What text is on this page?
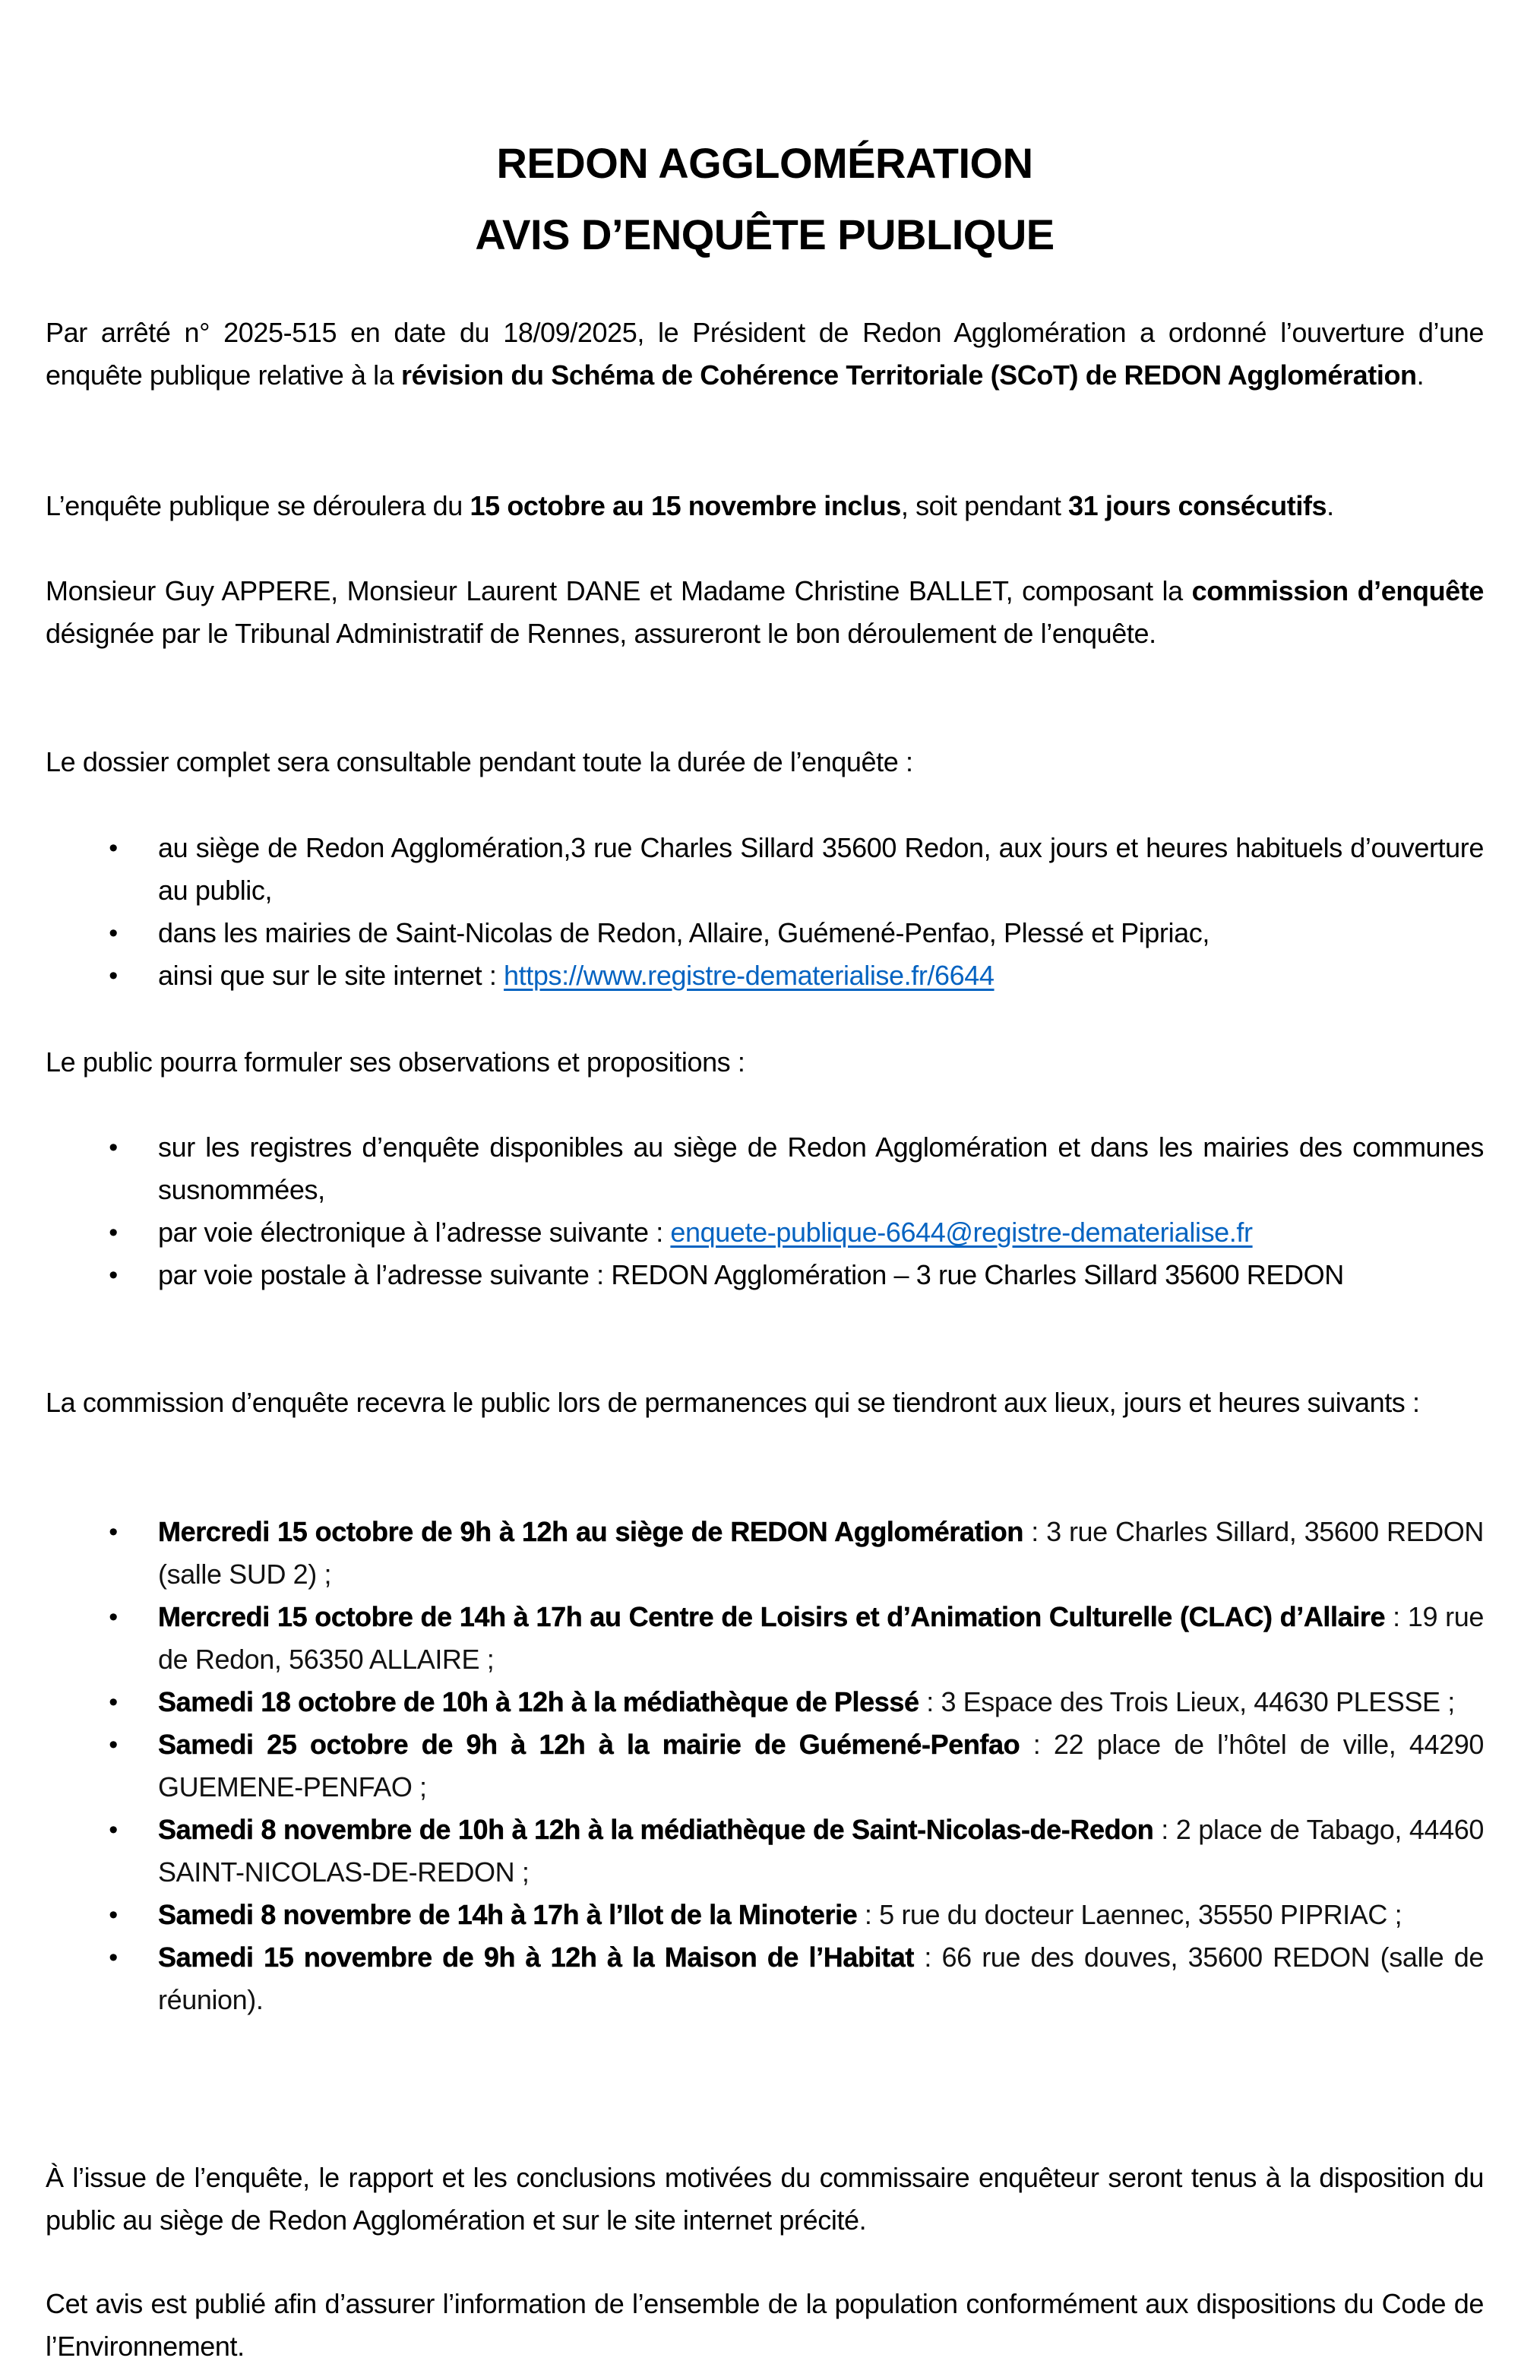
REDON AGGLOMÉRATION
AVIS D’ENQUÊTE PUBLIQUE

Par arrêté n° 2025-515 en date du 18/09/2025, le Président de Redon Agglomération a ordonné l’ouverture d’une enquête publique relative à la révision du Schéma de Cohérence Territoriale (SCoT) de REDON Agglomération.

L’enquête publique se déroulera du 15 octobre au 15 novembre inclus, soit pendant 31 jours consécutifs.

Monsieur Guy APPERE, Monsieur Laurent DANE et Madame Christine BALLET, composant la commission d’enquête désignée par le Tribunal Administratif de Rennes, assureront le bon déroulement de l’enquête.

Le dossier complet sera consultable pendant toute la durée de l’enquête :

• au siège de Redon Agglomération,3 rue Charles Sillard 35600 Redon, aux jours et heures habituels d’ouverture au public,
• dans les mairies de Saint-Nicolas de Redon, Allaire, Guémené-Penfao, Plessé et Pipriac,
• ainsi que sur le site internet : https://www.registre-dematerialise.fr/6644

Le public pourra formuler ses observations et propositions :

• sur les registres d’enquête disponibles au siège de Redon Agglomération et dans les mairies des communes susnommées,
• par voie électronique à l’adresse suivante : enquete-publique-6644@registre-dematerialise.fr
• par voie postale à l’adresse suivante : REDON Agglomération – 3 rue Charles Sillard 35600 REDON

La commission d’enquête recevra le public lors de permanences qui se tiendront aux lieux, jours et heures suivants :

• Mercredi 15 octobre de 9h à 12h au siège de REDON Agglomération : 3 rue Charles Sillard, 35600 REDON (salle SUD 2) ;
• Mercredi 15 octobre de 14h à 17h au Centre de Loisirs et d’Animation Culturelle (CLAC) d’Allaire : 19 rue de Redon, 56350 ALLAIRE ;
• Samedi 18 octobre de 10h à 12h à la médiathèque de Plessé : 3 Espace des Trois Lieux, 44630 PLESSE ;
• Samedi 25 octobre de 9h à 12h à la mairie de Guémené-Penfao : 22 place de l’hôtel de ville, 44290 GUEMENE-PENFAO ;
• Samedi 8 novembre de 10h à 12h à la médiathèque de Saint-Nicolas-de-Redon : 2 place de Tabago, 44460 SAINT-NICOLAS-DE-REDON ;
• Samedi 8 novembre de 14h à 17h à l’Ilot de la Minoterie : 5 rue du docteur Laennec, 35550 PIPRIAC ;
• Samedi 15 novembre de 9h à 12h à la Maison de l’Habitat : 66 rue des douves, 35600 REDON (salle de réunion).

À l’issue de l’enquête, le rapport et les conclusions motivées du commissaire enquêteur seront tenus à la disposition du public au siège de Redon Agglomération et sur le site internet précité.

Cet avis est publié afin d’assurer l’information de l’ensemble de la population conformément aux dispositions du Code de l’Environnement.
